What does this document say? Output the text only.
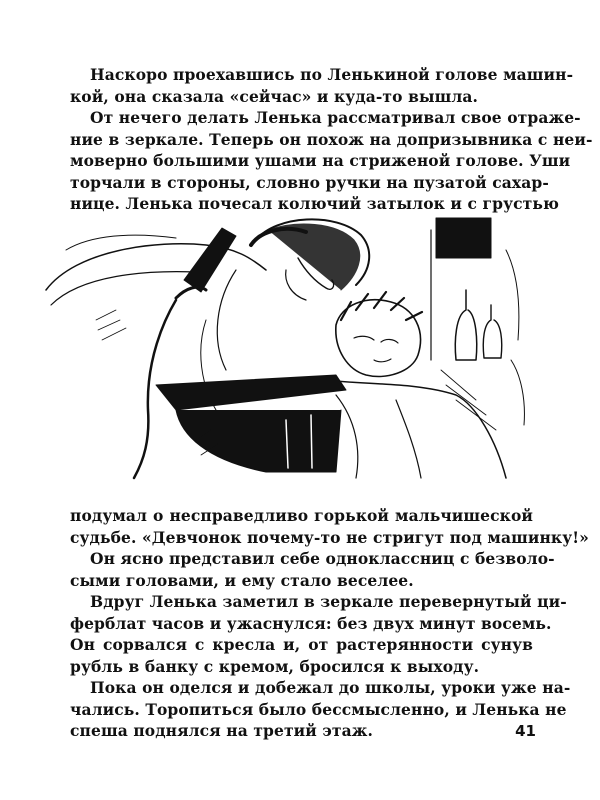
Наскоро проехавшись по Ленькиной голове машин-
кой, она сказала «сейчас» и куда-то вышла.
От нечего делать Ленька рассматривал свое отраже-
ние в зеркале. Теперь он похож на допризывника с неи-
моверно большими ушами на стриженой голове. Уши
торчали в стороны, словно ручки на пузатой сахар-
нице. Ленька почесал колючий затылок и с грустью
подумал о несправедливо горькой мальчишеской
судьбе. «Девчонок почему-то не стригут под машинку!»
Он ясно представил себе одноклассниц с безволо-
сыми головами, и ему стало веселее.
Вдруг Ленька заметил в зеркале перевернутый ци-
ферблат часов и ужаснулся: без двух минут восемь.
Он сорвался с кресла и, от растерянности сунув
рубль в банку с кремом, бросился к выходу.
Пока он оделся и добежал до школы, уроки уже на-
чались. Торопиться было бессмысленно, и Ленька не
спеша поднялся на третий этаж.	41
